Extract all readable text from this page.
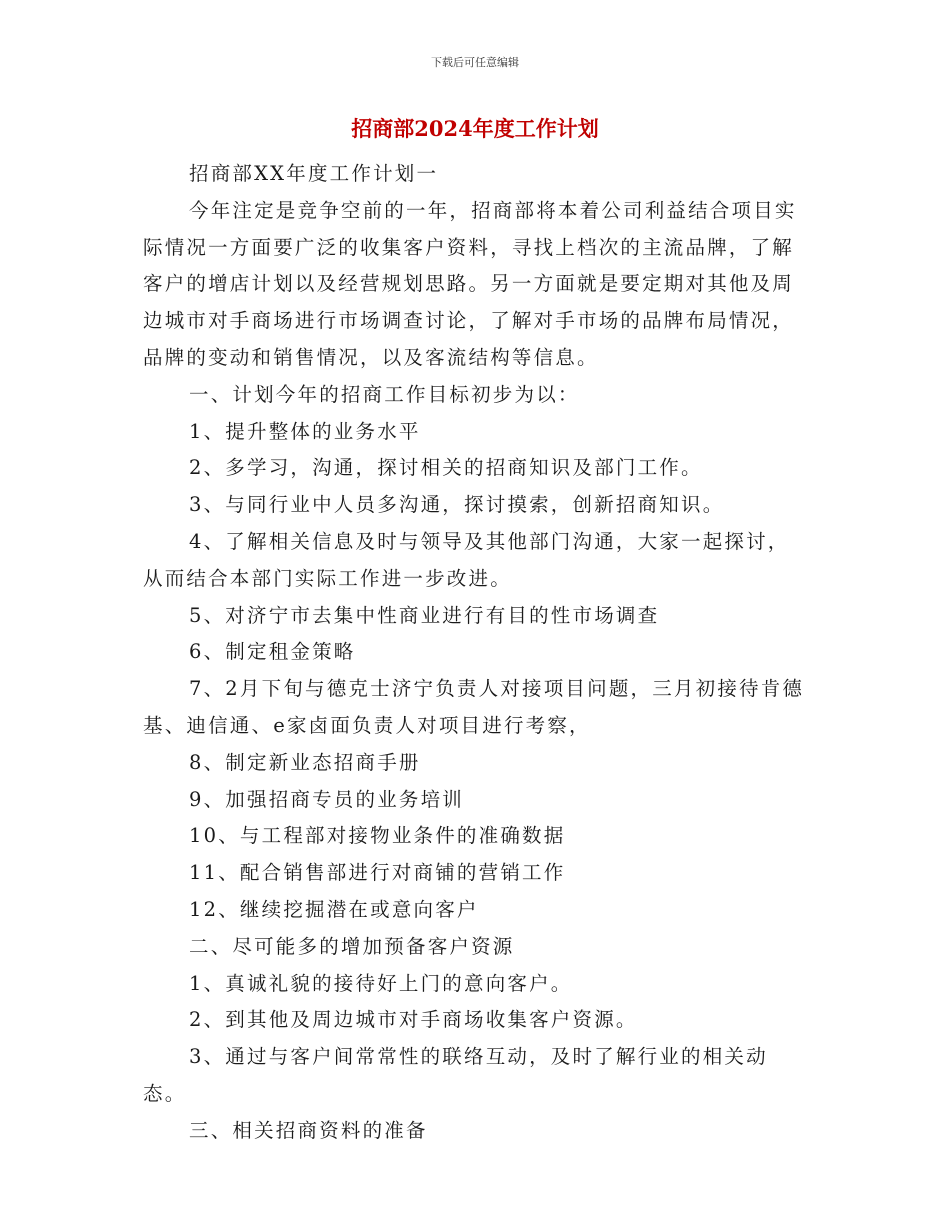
下载后可任意编辑
招商部2024年度工作计划

招商部XX年度工作计划一

今年注定是竞争空前的一年，招商部将本着公司利益结合项目实际情况一方面要广泛的收集客户资料，寻找上档次的主流品牌，了解客户的增店计划以及经营规划思路。另一方面就是要定期对其他及周边城市对手商场进行市场调查讨论，了解对手市场的品牌布局情况，品牌的变动和销售情况，以及客流结构等信息。

一、计划今年的招商工作目标初步为以：

1、提升整体的业务水平

2、多学习，沟通，探讨相关的招商知识及部门工作。

3、与同行业中人员多沟通，探讨摸索，创新招商知识。

4、了解相关信息及时与领导及其他部门沟通，大家一起探讨，从而结合本部门实际工作进一步改进。

5、对济宁市去集中性商业进行有目的性市场调查

6、制定租金策略

7、2月下旬与德克士济宁负责人对接项目问题，三月初接待肯德基、迪信通、e家卤面负责人对项目进行考察，

8、制定新业态招商手册

9、加强招商专员的业务培训

10、与工程部对接物业条件的准确数据

11、配合销售部进行对商铺的营销工作

12、继续挖掘潜在或意向客户

二、尽可能多的增加预备客户资源

1、真诚礼貌的接待好上门的意向客户。

2、到其他及周边城市对手商场收集客户资源。

3、通过与客户间常常性的联络互动，及时了解行业的相关动态。

三、相关招商资料的准备
